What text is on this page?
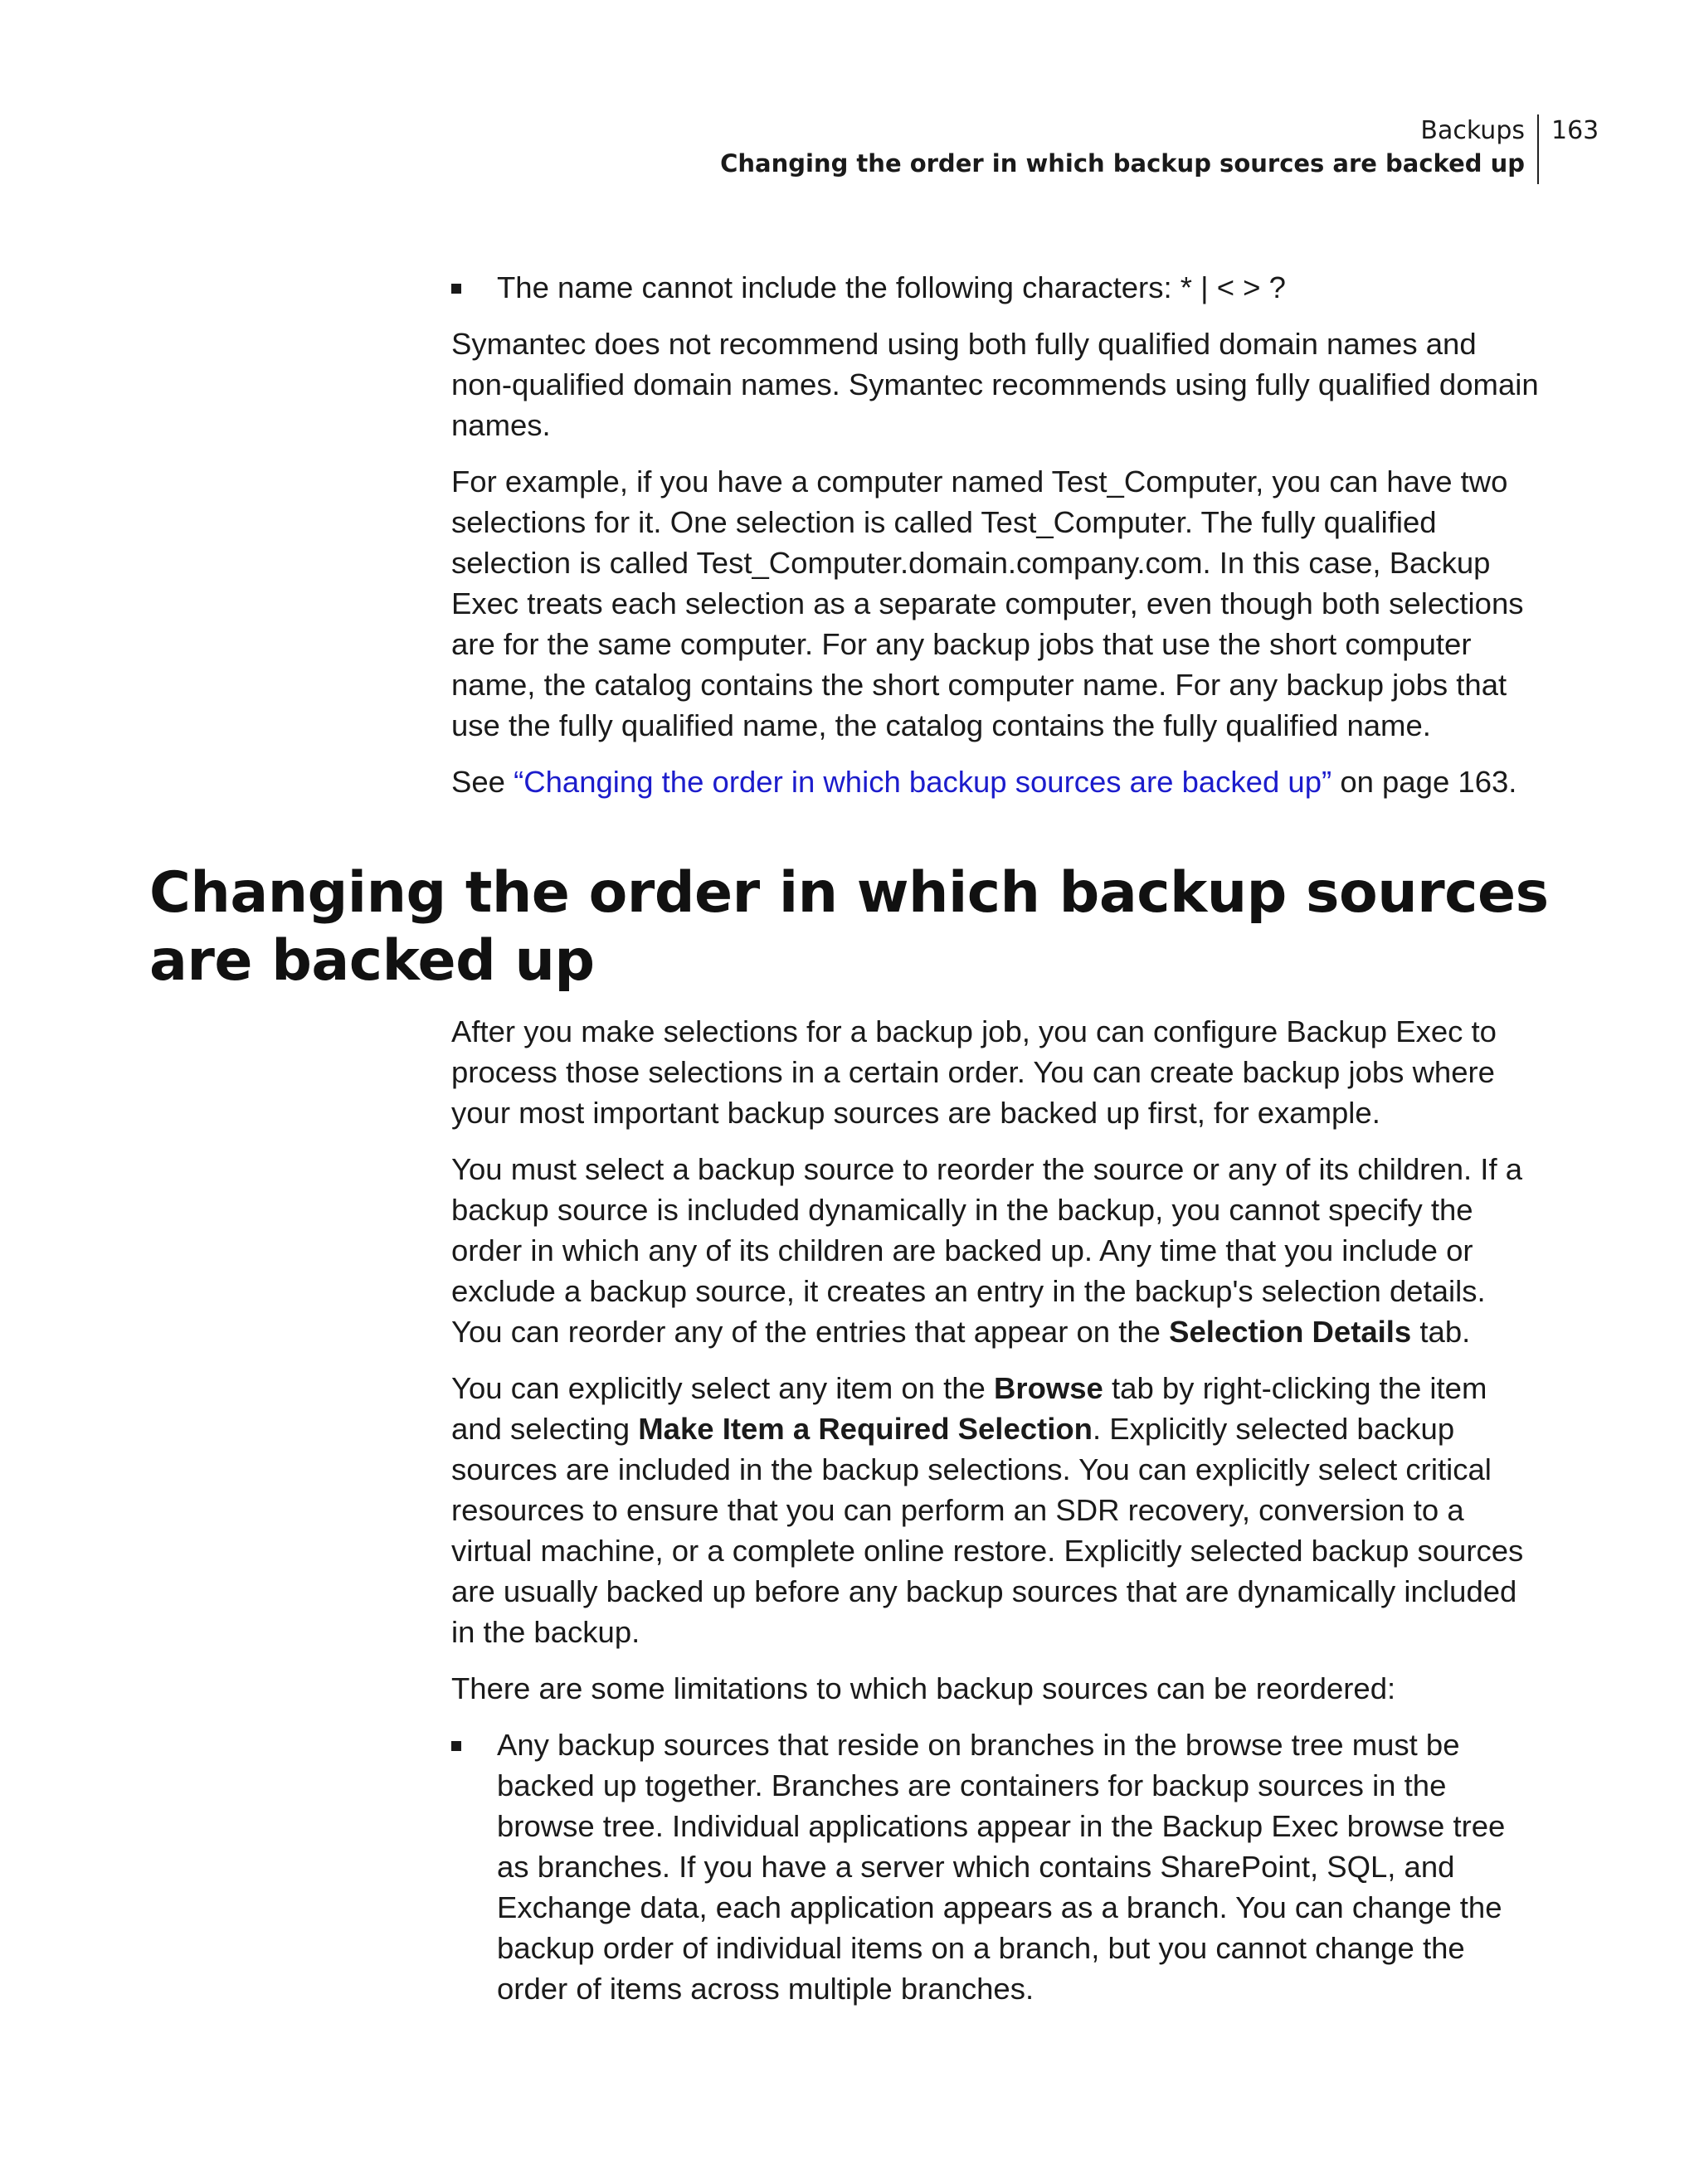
Backups
Changing the order in which backup sources are backed up
163
The name cannot include the following characters: * | < > ?

Symantec does not recommend using both fully qualified domain names and non-qualified domain names. Symantec recommends using fully qualified domain names.

For example, if you have a computer named Test_Computer, you can have two selections for it. One selection is called Test_Computer. The fully qualified selection is called Test_Computer.domain.company.com. In this case, Backup Exec treats each selection as a separate computer, even though both selections are for the same computer. For any backup jobs that use the short computer name, the catalog contains the short computer name. For any backup jobs that use the fully qualified name, the catalog contains the fully qualified name.

See “Changing the order in which backup sources are backed up” on page 163.

Changing the order in which backup sources are backed up

After you make selections for a backup job, you can configure Backup Exec to process those selections in a certain order. You can create backup jobs where your most important backup sources are backed up first, for example.

You must select a backup source to reorder the source or any of its children. If a backup source is included dynamically in the backup, you cannot specify the order in which any of its children are backed up. Any time that you include or exclude a backup source, it creates an entry in the backup's selection details. You can reorder any of the entries that appear on the Selection Details tab.

You can explicitly select any item on the Browse tab by right-clicking the item and selecting Make Item a Required Selection. Explicitly selected backup sources are included in the backup selections. You can explicitly select critical resources to ensure that you can perform an SDR recovery, conversion to a virtual machine, or a complete online restore. Explicitly selected backup sources are usually backed up before any backup sources that are dynamically included in the backup.

There are some limitations to which backup sources can be reordered:

Any backup sources that reside on branches in the browse tree must be backed up together. Branches are containers for backup sources in the browse tree. Individual applications appear in the Backup Exec browse tree as branches. If you have a server which contains SharePoint, SQL, and Exchange data, each application appears as a branch. You can change the backup order of individual items on a branch, but you cannot change the order of items across multiple branches.
